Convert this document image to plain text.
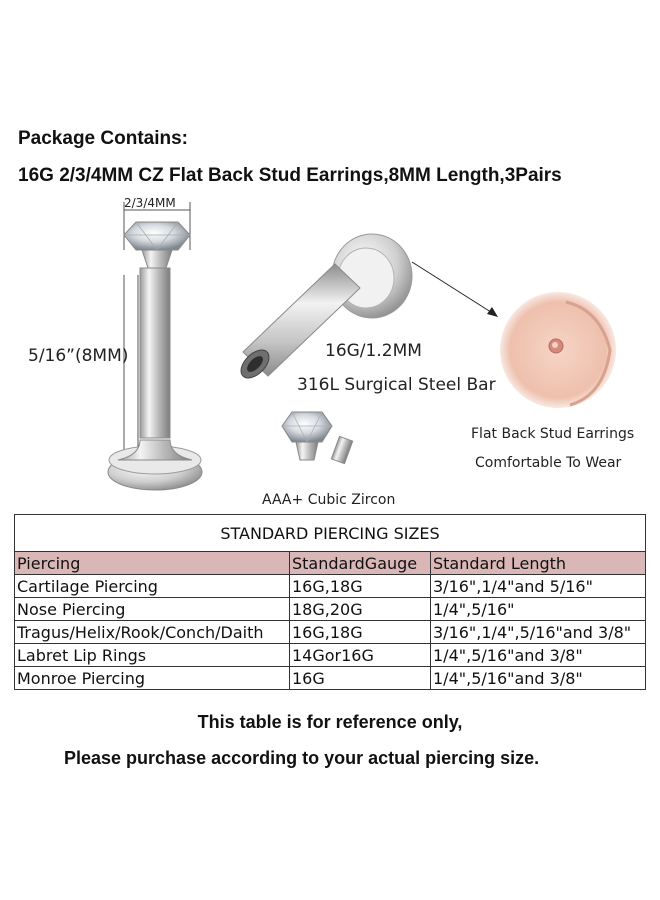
Package Contains:
16G 2/3/4MM CZ Flat Back Stud Earrings,8MM Length,3Pairs
2/3/4MM
5/16”(8MM)	16G/1.2MM
316L Surgical Steel Bar
AAA+ Cubic Zircon
Flat Back Stud Earrings
Comfortable To Wear
STANDARD PIERCING SIZES		
Piercing	StandardGauge	Standard Length
Cartilage Piercing	16G,18G	3/16",1/4"and 5/16"
Nose Piercing	18G,20G	1/4",5/16"
Tragus/Helix/Rook/Conch/Daith	16G,18G	3/16",1/4",5/16"and 3/8"
Labret Lip Rings	14Gor16G	1/4",5/16"and 3/8"
Monroe Piercing	16G	1/4",5/16"and 3/8"
This table is for reference only,
Please purchase according to your actual piercing size.
